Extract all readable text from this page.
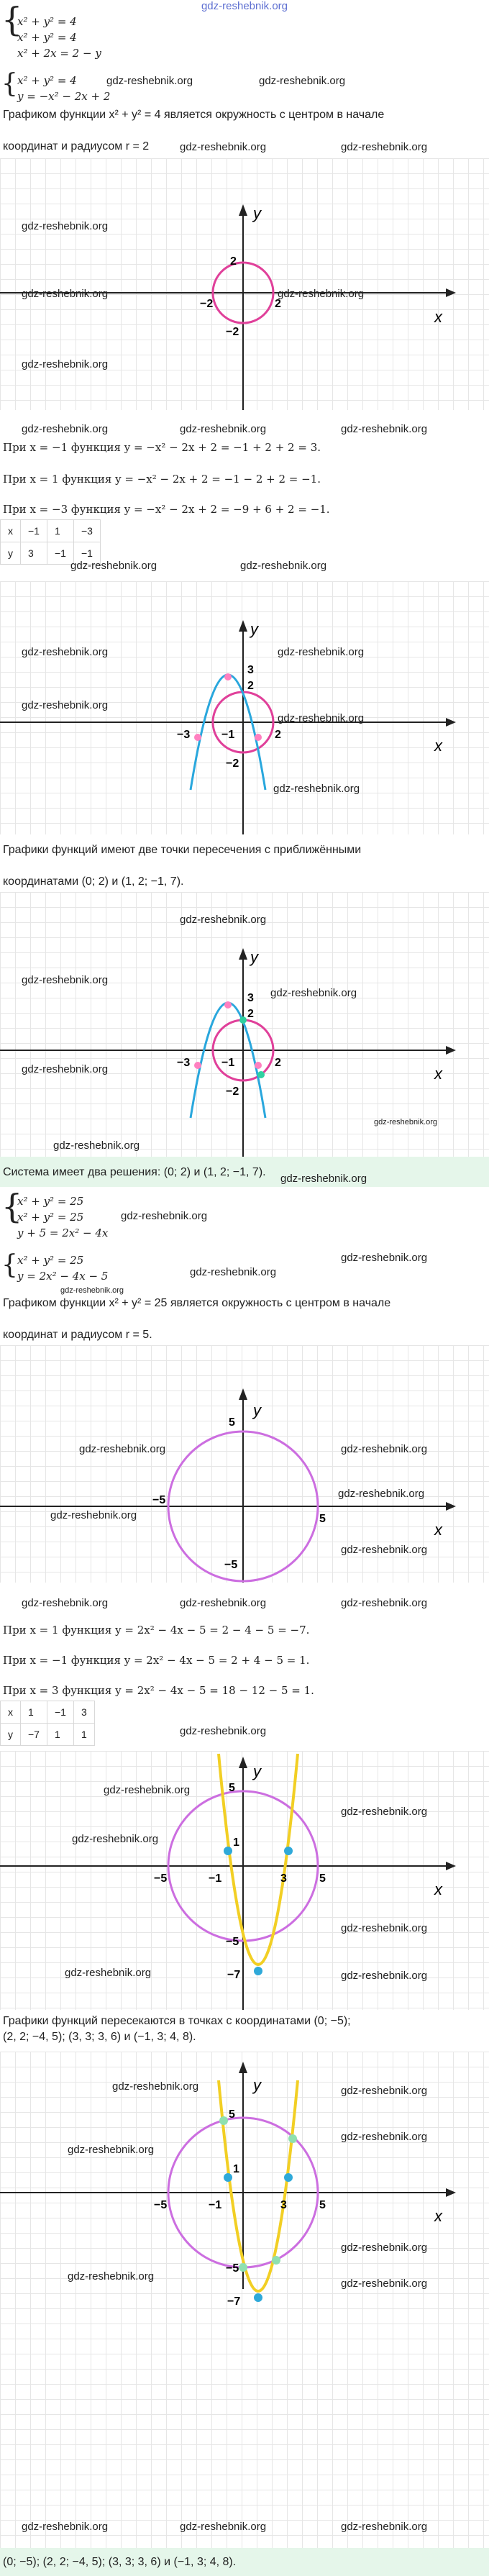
gdz-reshebnik.org
{
x² + y² = 4
x² + y² = 4
x² + 2x = 2 − y
{ x² + y² = 4
y = −x² − 2x + 2
gdz-reshebnik.org	gdz-reshebnik.org
Графиком функции x² + y² = 4 является окружность с центром в начале
координат и радиусом r = 2	gdz-reshebnik.org	gdz-reshebnik.org
y
x
2
−2	2
−2
gdz-reshebnik.org
gdz-reshebnik.org	gdz-reshebnik.org
gdz-reshebnik.org
gdz-reshebnik.org	gdz-reshebnik.org	gdz-reshebnik.org
При x = −1 функция y = −x² − 2x + 2 = −1 + 2 + 2 = 3.
При x = 1 функция y = −x² − 2x + 2 = −1 − 2 + 2 = −1.
При x = −3 функция y = −x² − 2x + 2 = −9 + 6 + 2 = −1.
x	−1	1	−3
y	3	−1	−1
gdz-reshebnik.org	gdz-reshebnik.org
3
2
−3	−1	2
−2
y
x
gdz-reshebnik.org	gdz-reshebnik.org
gdz-reshebnik.org
gdz-reshebnik.org
gdz-reshebnik.org
Графики функций имеют две точки пересечения с приближёнными
координатами (0; 2) и (1, 2; −1, 7).
3
2
−3	−1	2
−2
y
x
gdz-reshebnik.org
gdz-reshebnik.org
gdz-reshebnik.org
gdz-reshebnik.org
gdz-reshebnik.org
gdz-reshebnik.org
Система имеет два решения: (0; 2) и (1, 2; −1, 7).
gdz-reshebnik.org
{
x² + y² = 25
x² + y² = 25
y + 5 = 2x² − 4x
gdz-reshebnik.org
{ x² + y² = 25
y = 2x² − 4x − 5	gdz-reshebnik.org
gdz-reshebnik.org
gdz-reshebnik.org
Графиком функции x² + y² = 25 является окружность с центром в начале
координат и радиусом r = 5.
5
−5
5
−5
y
x
gdz-reshebnik.org	gdz-reshebnik.org
gdz-reshebnik.org
gdz-reshebnik.org
gdz-reshebnik.org
gdz-reshebnik.org	gdz-reshebnik.org	gdz-reshebnik.org
При x = 1 функция y = 2x² − 4x − 5 = 2 − 4 − 5 = −7.
При x = −1 функция y = 2x² − 4x − 5 = 2 + 4 − 5 = 1.
При x = 3 функция y = 2x² − 4x − 5 = 18 − 12 − 5 = 1.
x	1	−1	3
y	−7	1	1	gdz-reshebnik.org
5
1
−5	−1	3	5
−5
−7
y
x
gdz-reshebnik.org
gdz-reshebnik.org
gdz-reshebnik.org
gdz-reshebnik.org
gdz-reshebnik.org	gdz-reshebnik.org
Графики функций пересекаются в точках с координатами (0; −5);
(2, 2; −4, 5); (3, 3; 3, 6) и (−1, 3; 4, 8).
5
1
−5	−1	3	5
−5
−7
y
x
gdz-reshebnik.org	gdz-reshebnik.org
gdz-reshebnik.org
gdz-reshebnik.org
gdz-reshebnik.org
gdz-reshebnik.org
gdz-reshebnik.org
gdz-reshebnik.org	gdz-reshebnik.org	gdz-reshebnik.org
(0; −5); (2, 2; −4, 5); (3, 3; 3, 6) и (−1, 3; 4, 8).
